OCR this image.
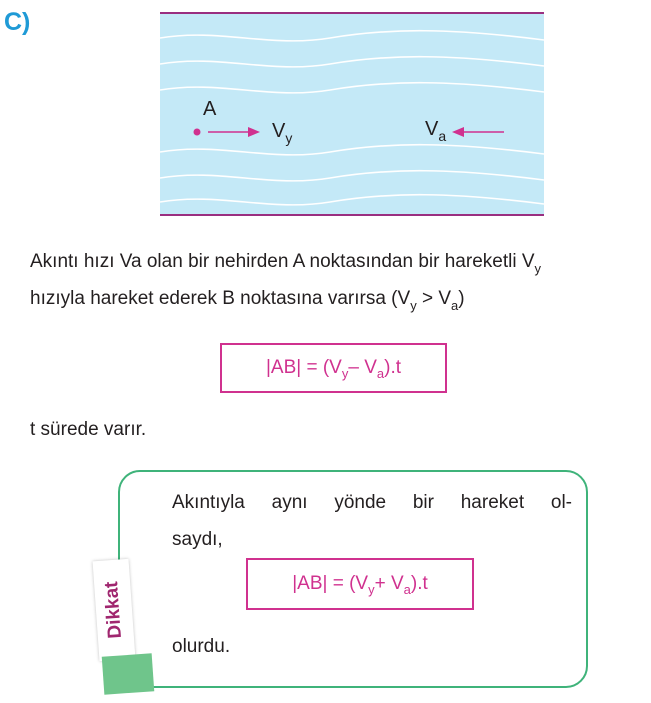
C)
A
$V_y$	$V_a$
Akıntı hızı Va olan bir nehirden A noktasından bir hareketli $V_y$
hızıyla hareket ederek B noktasına varırsa $(V_y > V_a)$
|AB| = (V y – V a ).t
t sürede varır.
Akıntıyla aynı yönde bir hareket ol-
saydı,
|AB| = (V y + V a ).t
olurdu.
Dikkat
